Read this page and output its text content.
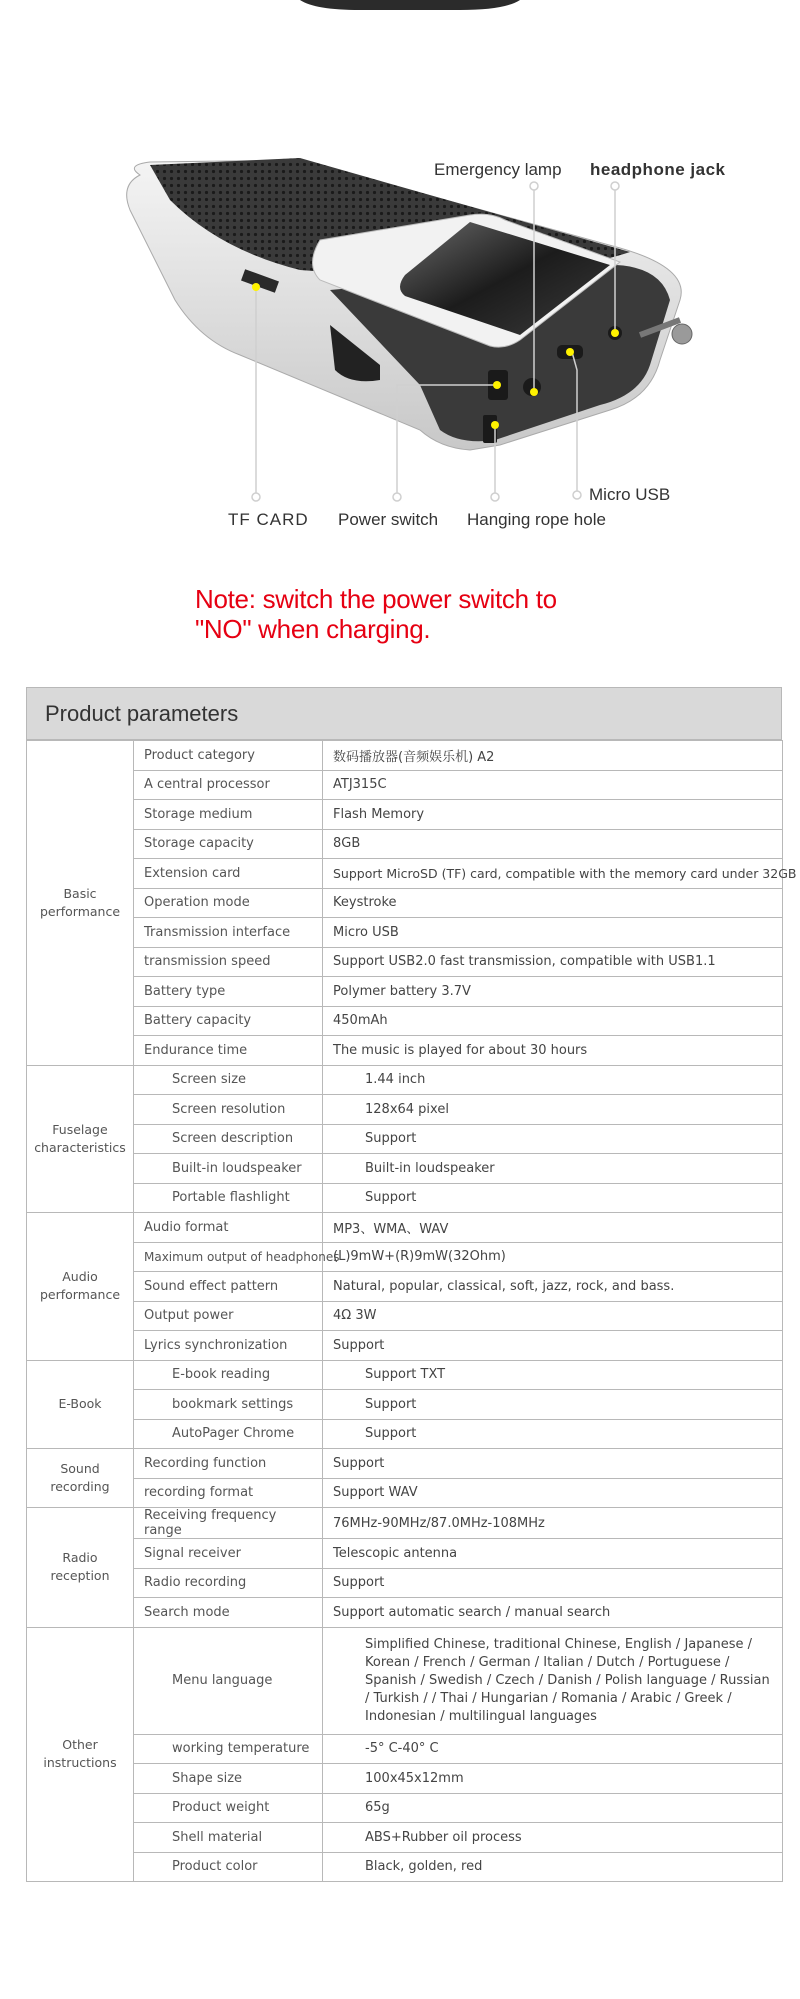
Emergency lamp headphone jack
TF CARD Power switch Hanging rope hole
Micro USB
Note: switch the power switch to
"NO" when charging.
Product parameters
Basic
performance	Product category	数码播放器(音频娱乐机) A2
	A central processor	ATJ315C
	Storage medium	Flash Memory
	Storage capacity	8GB
	Extension card	Support MicroSD (TF) card, compatible with the memory card under 32GB
	Operation mode	Keystroke
	Transmission interface	Micro USB
	transmission speed	Support USB2.0 fast transmission, compatible with USB1.1
	Battery type	Polymer battery 3.7V
	Battery capacity	450mAh
	Endurance time	The music is played for about 30 hours

Fuselage
characteristics	Screen size	1.44 inch
	Screen resolution	128x64 pixel
	Screen description	Support
	Built-in loudspeaker	Built-in loudspeaker
	Portable flashlight	Support

Audio
performance	Audio format	MP3、WMA、WAV
	Maximum output of headphones	(L)9mW+(R)9mW(32Ohm)
	Sound effect pattern	Natural, popular, classical, soft, jazz, rock, and bass.
	Output power	4Ω 3W
	Lyrics synchronization	Support

E-Book	E-book reading	Support TXT
	bookmark settings	Support
	AutoPager Chrome	Support

Sound
recording	Recording function	Support
	recording format	Support WAV

Radio reception	Receiving frequency range	76MHz-90MHz/87.0MHz-108MHz
	Signal receiver	Telescopic antenna
	Radio recording	Support
	Search mode	Support automatic search / manual search

Other
instructions	Menu language	Simplified Chinese, traditional Chinese, English / Japanese / Korean / French / German / Italian / Dutch / Portuguese / Spanish / Swedish / Czech / Danish / Polish language / Russian / Turkish / / Thai / Hungarian / Romania / Arabic / Greek / Indonesian / multilingual languages
	working temperature	-5° C-40° C
	Shape size	100x45x12mm
	Product weight	65g
	Shell material	ABS+Rubber oil process
	Product color	Black, golden, red
